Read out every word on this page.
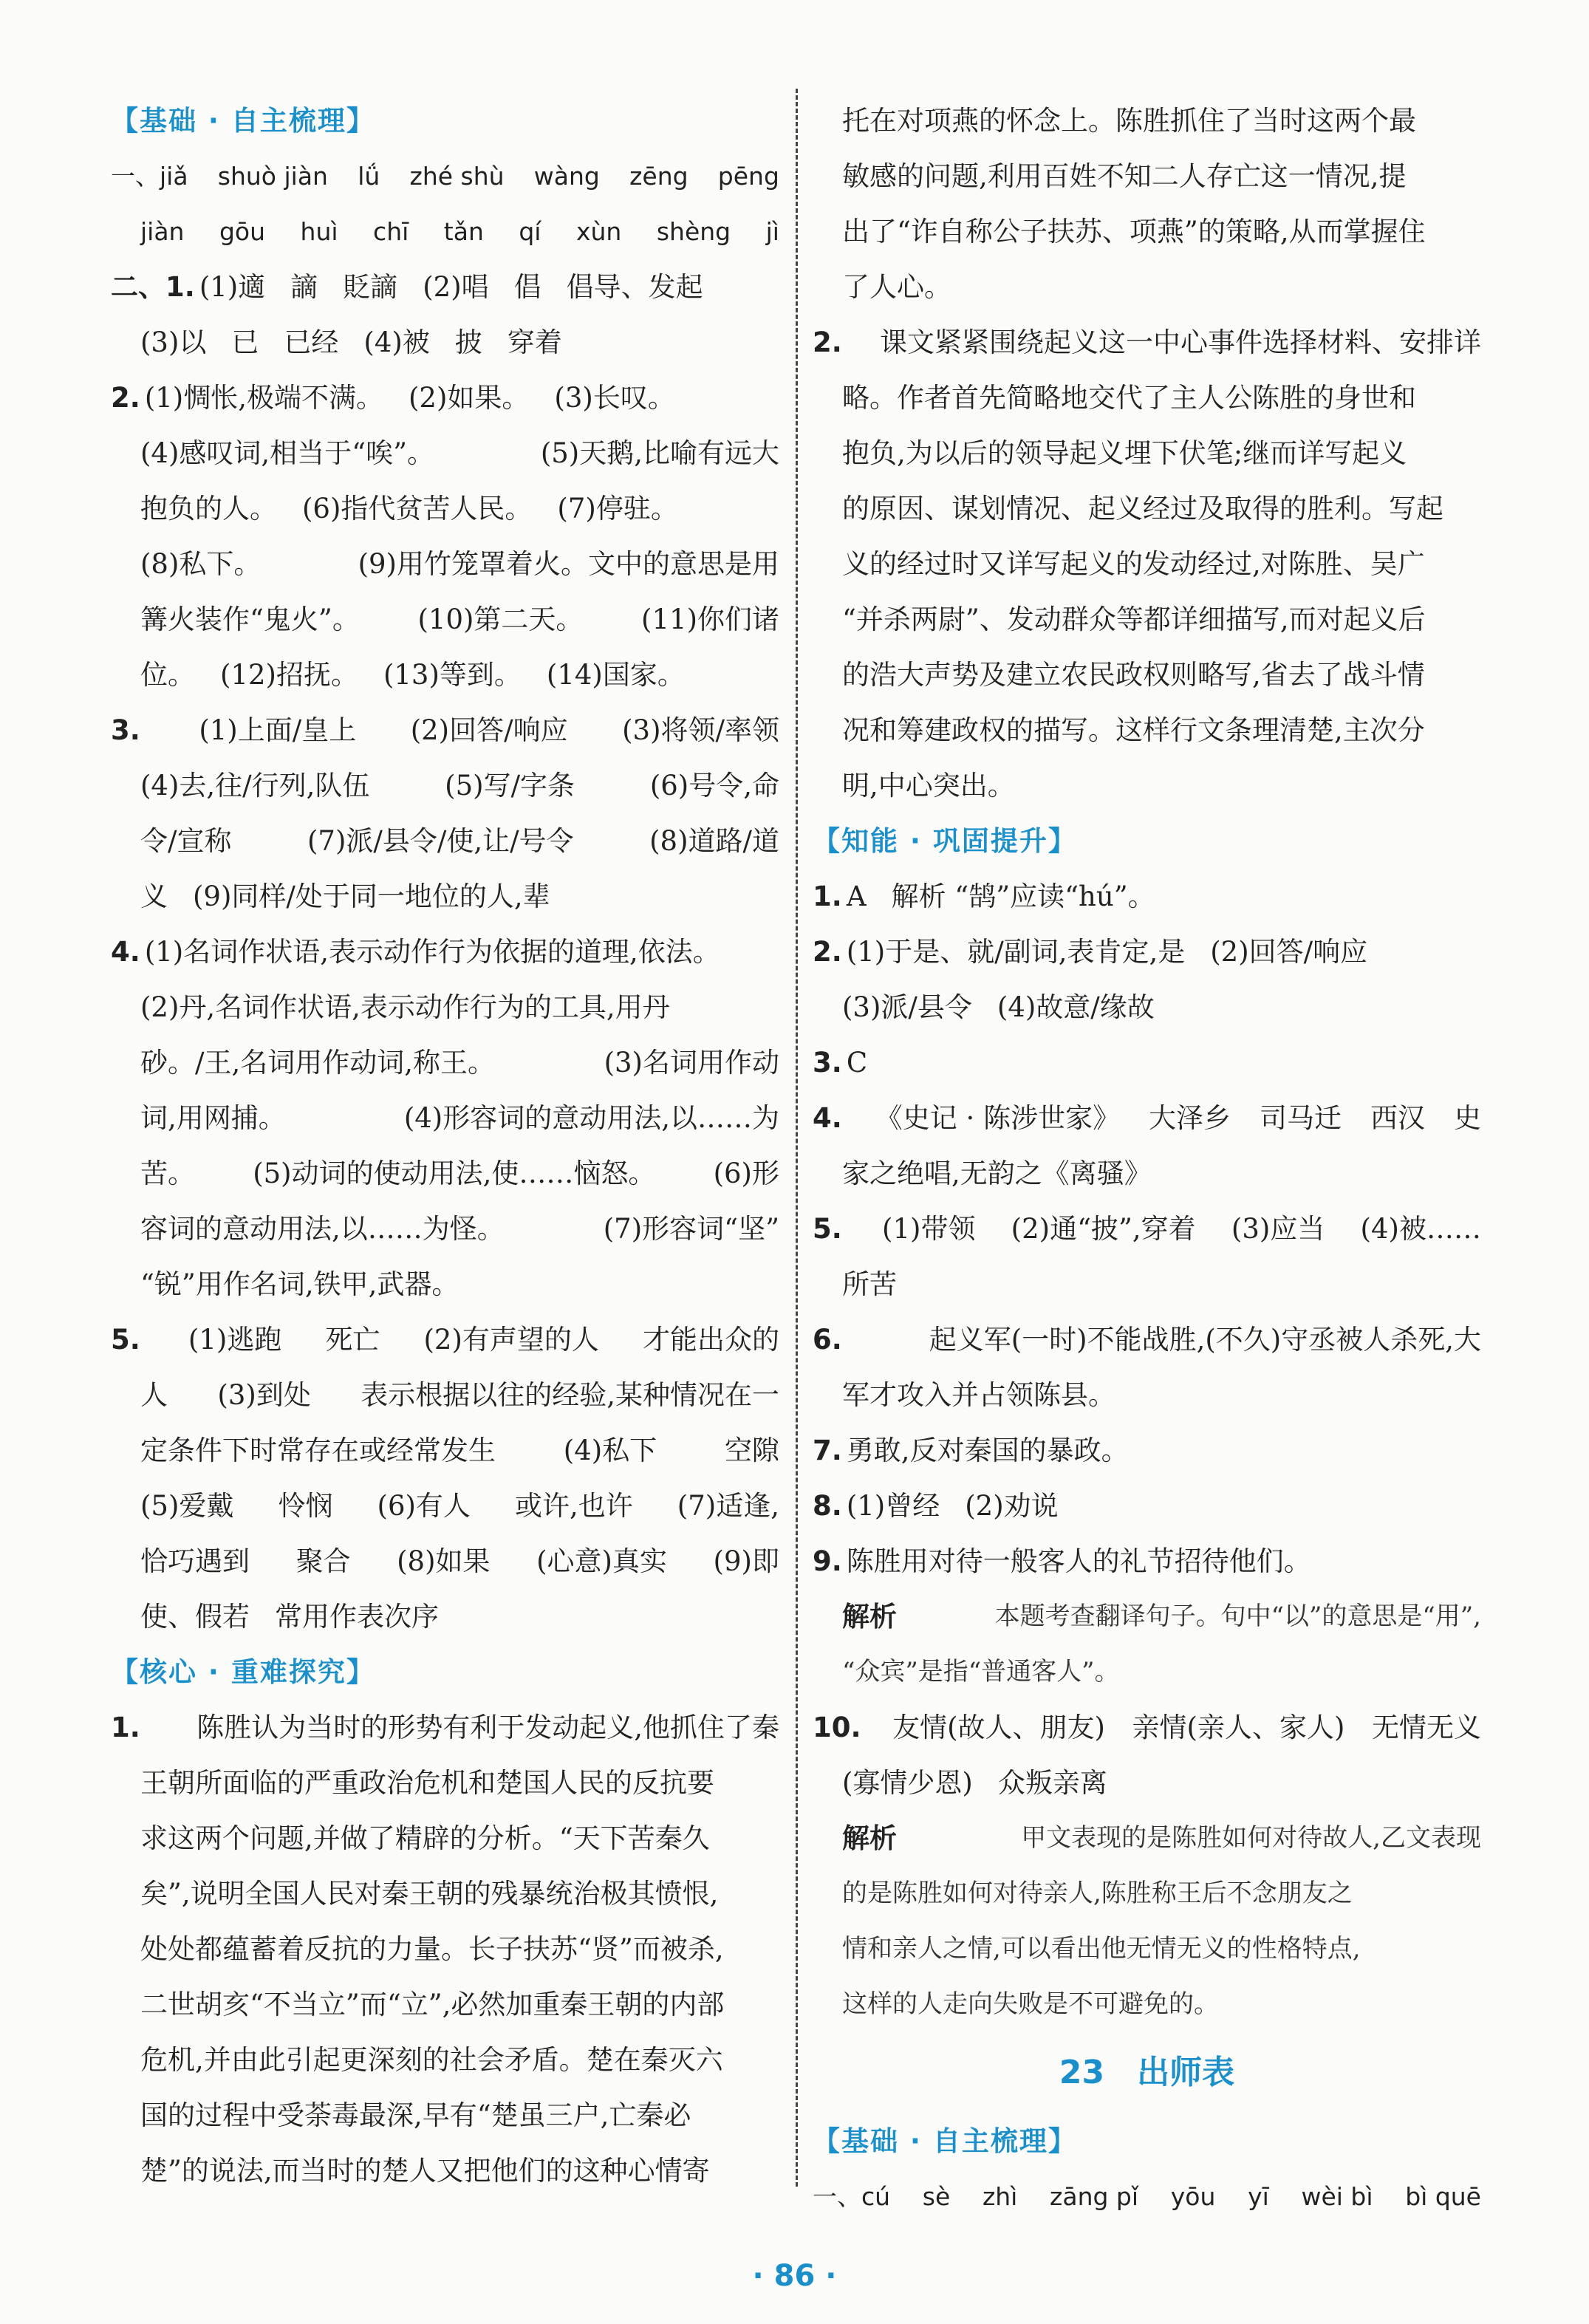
【基础 · 自主梳理】
一、jiǎ shuò jiàn lǘ zhé shù wàng zēng pēng
jiàn gōu huì chī tǎn qí xùn shèng jì
二、1. (1)適 謫 貶謫 (2)唱 倡 倡导、发起
(3)以 已 已经 (4)被 披 穿着
2. (1)惆怅,极端不满。 (2)如果。 (3)长叹。
(4)感叹词,相当于“唉”。	(5)天鹅,比喻有远大
抱负的人。 (6)指代贫苦人民。 (7)停驻。
(8)私下。	(9)用竹笼罩着火。文中的意思是用
篝火装作“鬼火”。 (10)第二天。 (11)你们诸
位。 (12)招抚。 (13)等到。 (14)国家。
3. (1)上面/皇上 (2)回答/响应 (3)将领/率领
(4)去,往/行列,队伍	(5)写/字条	(6)号令,命
令/宣称	(7)派/县令/使,让/号令	(8)道路/道
义 (9)同样/处于同一地位的人,辈
4. (1)名词作状语,表示动作行为依据的道理,依法。
(2)丹,名词作状语,表示动作行为的工具,用丹
砂。/王,名词用作动词,称王。	(3)名词用作动
词,用网捕。	(4)形容词的意动用法,以……为
苦。 (5)动词的使动用法,使……恼怒。 (6)形
容词的意动用法,以……为怪。	(7)形容词“坚”
“锐”用作名词,铁甲,武器。
5. (1)逃跑 死亡 (2)有声望的人 才能出众的
人 (3)到处 表示根据以往的经验,某种情况在一
定条件下时常存在或经常发生 (4)私下 空隙
(5)爱戴 怜悯 (6)有人 或许,也许 (7)适逢,
恰巧遇到 聚合 (8)如果 (心意)真实 (9)即
使、假若 常用作表次序
【核心 · 重难探究】
1. 陈胜认为当时的形势有利于发动起义,他抓住了秦
王朝所面临的严重政治危机和楚国人民的反抗要
求这两个问题,并做了精辟的分析。“天下苦秦久
矣”,说明全国人民对秦王朝的残暴统治极其愤恨,
处处都蕴蓄着反抗的力量。长子扶苏“贤”而被杀,
二世胡亥“不当立”而“立”,必然加重秦王朝的内部
危机,并由此引起更深刻的社会矛盾。楚在秦灭六
国的过程中受荼毒最深,早有“楚虽三户,亡秦必
楚”的说法,而当时的楚人又把他们的这种心情寄
托在对项燕的怀念上。陈胜抓住了当时这两个最
敏感的问题,利用百姓不知二人存亡这一情况,提
出了“诈自称公子扶苏、项燕”的策略,从而掌握住
了人心。
2. 课文紧紧围绕起义这一中心事件选择材料、安排详
略。作者首先简略地交代了主人公陈胜的身世和
抱负,为以后的领导起义埋下伏笔;继而详写起义
的原因、谋划情况、起义经过及取得的胜利。写起
义的经过时又详写起义的发动经过,对陈胜、吴广
“并杀两尉”、发动群众等都详细描写,而对起义后
的浩大声势及建立农民政权则略写,省去了战斗情
况和筹建政权的描写。这样行文条理清楚,主次分
明,中心突出。
【知能 · 巩固提升】
1. A 解析 “鹄”应读“hú”。
2. (1)于是、就/副词,表肯定,是 (2)回答/响应
(3)派/县令 (4)故意/缘故
3. C
4. 《史记 · 陈涉世家》 大泽乡 司马迁 西汉 史
家之绝唱,无韵之《离骚》
5. (1)带领 (2)通“披”,穿着 (3)应当 (4)被……
所苦
6.	起义军(一时)不能战胜,(不久)守丞被人杀死,大
军才攻入并占领陈县。
7. 勇敢,反对秦国的暴政。
8. (1)曾经 (2)劝说
9. 陈胜用对待一般客人的礼节招待他们。
解析	本题考查翻译句子。句中“以”的意思是“用”,
“众宾”是指“普通客人”。
10. 友情(故人、朋友) 亲情(亲人、家人) 无情无义
(寡情少恩) 众叛亲离
解析	甲文表现的是陈胜如何对待故人,乙文表现
的是陈胜如何对待亲人,陈胜称王后不念朋友之
情和亲人之情,可以看出他无情无义的性格特点,
这样的人走向失败是不可避免的。
23　出师表
【基础 · 自主梳理】
一、cú sè zhì zāng pǐ yōu yī wèi bì bì quē
· 86 ·
